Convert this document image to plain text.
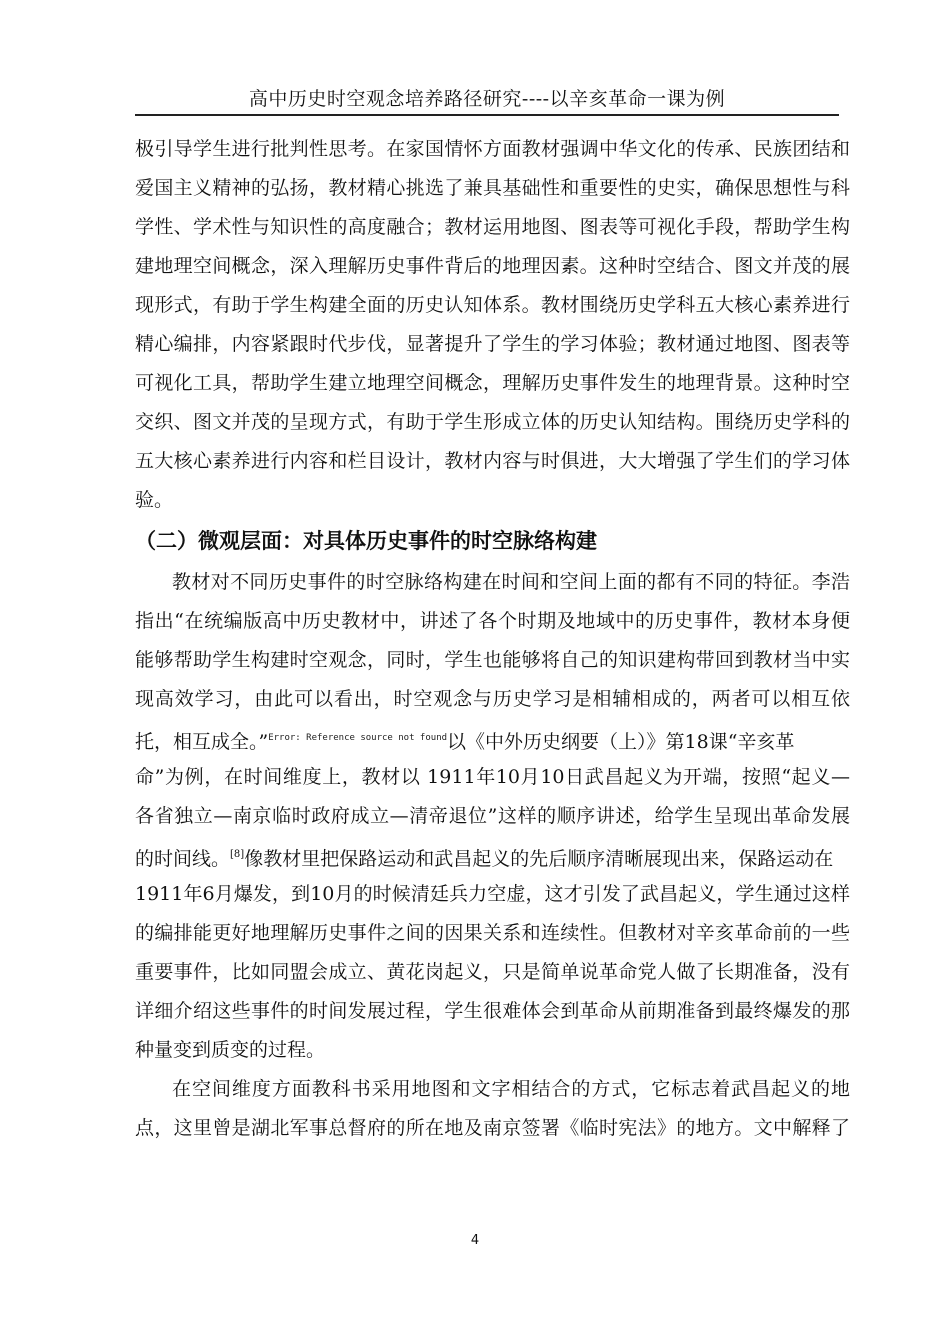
高中历史时空观念培养路径研究----以辛亥革命一课为例
极引导学生进行批判性思考。在家国情怀方面教材强调中华文化的传承、民族团结和
爱国主义精神的弘扬，教材精心挑选了兼具基础性和重要性的史实，确保思想性与科
学性、学术性与知识性的高度融合；教材运用地图、图表等可视化手段，帮助学生构
建地理空间概念，深入理解历史事件背后的地理因素。这种时空结合、图文并茂的展
现形式，有助于学生构建全面的历史认知体系。教材围绕历史学科五大核心素养进行
精心编排，内容紧跟时代步伐，显著提升了学生的学习体验；教材通过地图、图表等
可视化工具，帮助学生建立地理空间概念，理解历史事件发生的地理背景。这种时空
交织、图文并茂的呈现方式，有助于学生形成立体的历史认知结构。围绕历史学科的
五大核心素养进行内容和栏目设计，教材内容与时俱进，大大增强了学生们的学习体
验。
（二）微观层面：对具体历史事件的时空脉络构建
教材对不同历史事件的时空脉络构建在时间和空间上面的都有不同的特征。李浩
指出“在统编版高中历史教材中，讲述了各个时期及地域中的历史事件，教材本身便
能够帮助学生构建时空观念，同时，学生也能够将自己的知识建构带回到教材当中实
现高效学习，由此可以看出，时空观念与历史学习是相辅相成的，两者可以相互依
托，相互成全。”$^{Error: Reference source not found}$以《中外历史纲要（上）》第18课“辛亥革
命”为例，在时间维度上，教材以 1911年10月10日武昌起义为开端，按照“起义—
各省独立—南京临时政府成立—清帝退位”这样的顺序讲述，给学生呈现出革命发展
的时间线。[8]像教材里把保路运动和武昌起义的先后顺序清晰展现出来，保路运动在
1911年6月爆发，到10月的时候清廷兵力空虚，这才引发了武昌起义，学生通过这样
的编排能更好地理解历史事件之间的因果关系和连续性。但教材对辛亥革命前的一些
重要事件，比如同盟会成立、黄花岗起义，只是简单说革命党人做了长期准备，没有
详细介绍这些事件的时间发展过程，学生很难体会到革命从前期准备到最终爆发的那
种量变到质变的过程。
在空间维度方面教科书采用地图和文字相结合的方式，它标志着武昌起义的地
点，这里曾是湖北军事总督府的所在地及南京签署《临时宪法》的地方。文中解释了
4
